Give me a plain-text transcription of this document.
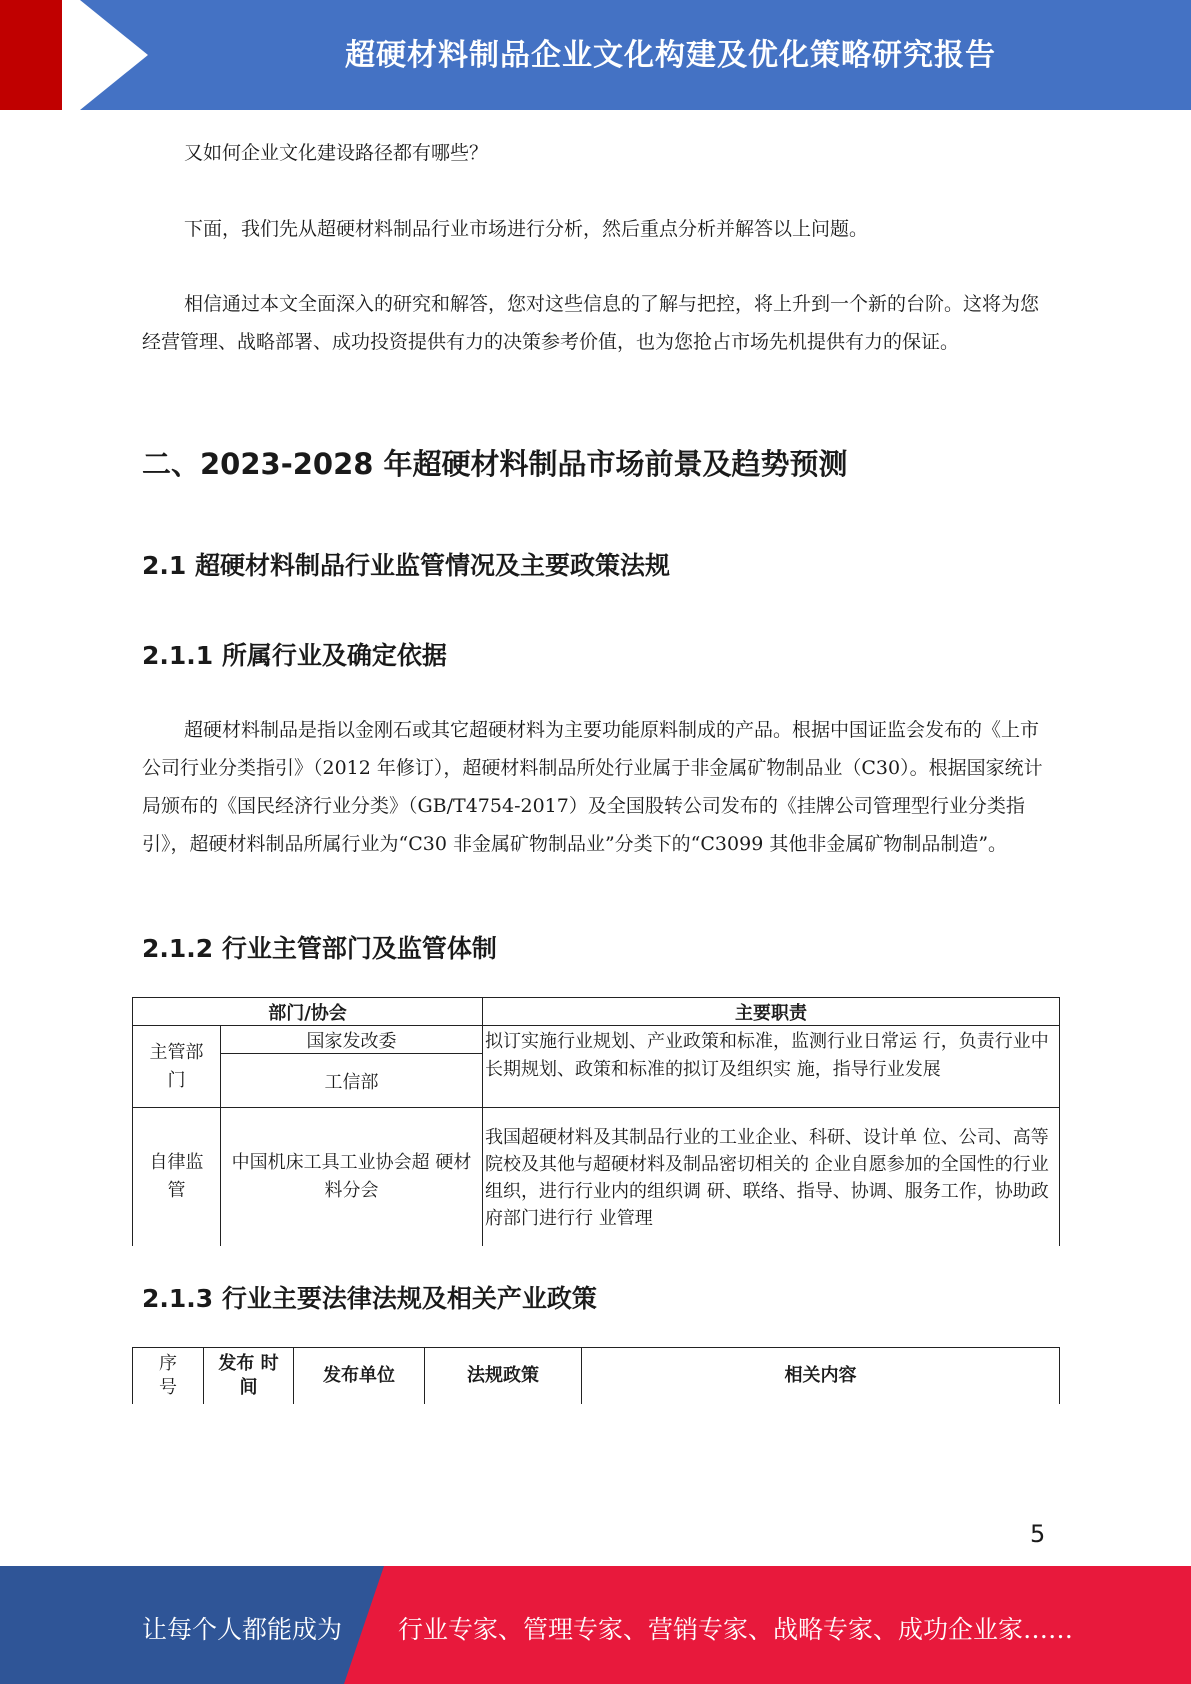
超硬材料制品企业文化构建及优化策略研究报告

又如何企业文化建设路径都有哪些？

下面，我们先从超硬材料制品行业市场进行分析，然后重点分析并解答以上问题。

相信通过本文全面深入的研究和解答，您对这些信息的了解与把控，将上升到一个新的台阶。这将为您经营管理、战略部署、成功投资提供有力的决策参考价值，也为您抢占市场先机提供有力的保证。

二、2023-2028 年超硬材料制品市场前景及趋势预测
2.1 超硬材料制品行业监管情况及主要政策法规
2.1.1 所属行业及确定依据

超硬材料制品是指以金刚石或其它超硬材料为主要功能原料制成的产品。根据中国证监会发布的《上市公司行业分类指引》（2012 年修订），超硬材料制品所处行业属于非金属矿物制品业（C30）。根据国家统计局颁布的《国民经济行业分类》（GB/T4754-2017）及全国股转公司发布的《挂牌公司管理型行业分类指引》，超硬材料制品所属行业为“C30 非金属矿物制品业”分类下的“C3099 其他非金属矿物制品制造”。

2.1.2 行业主管部门及监管体制
部门/协会		主要职责
主管部门	国家发改委	拟订实施行业规划、产业政策和标准，监测行业日常运 行，负责行业中长期规划、政策和标准的拟订及组织实 施，指导行业发展
	工信部	
自律监管	中国机床工具工业协会超 硬材料分会	我国超硬材料及其制品行业的工业企业、科研、设计单 位、公司、高等院校及其他与超硬材料及制品密切相关的 企业自愿参加的全国性的行业组织，进行行业内的组织调 研、联络、指导、协调、服务工作，协助政府部门进行行 业管理
2.1.3 行业主要法律法规及相关产业政策
序号	发布 时间	发布单位	法规政策	相关内容
5
让每个人都能成为 行业专家、管理专家、营销专家、战略专家、成功企业家……
